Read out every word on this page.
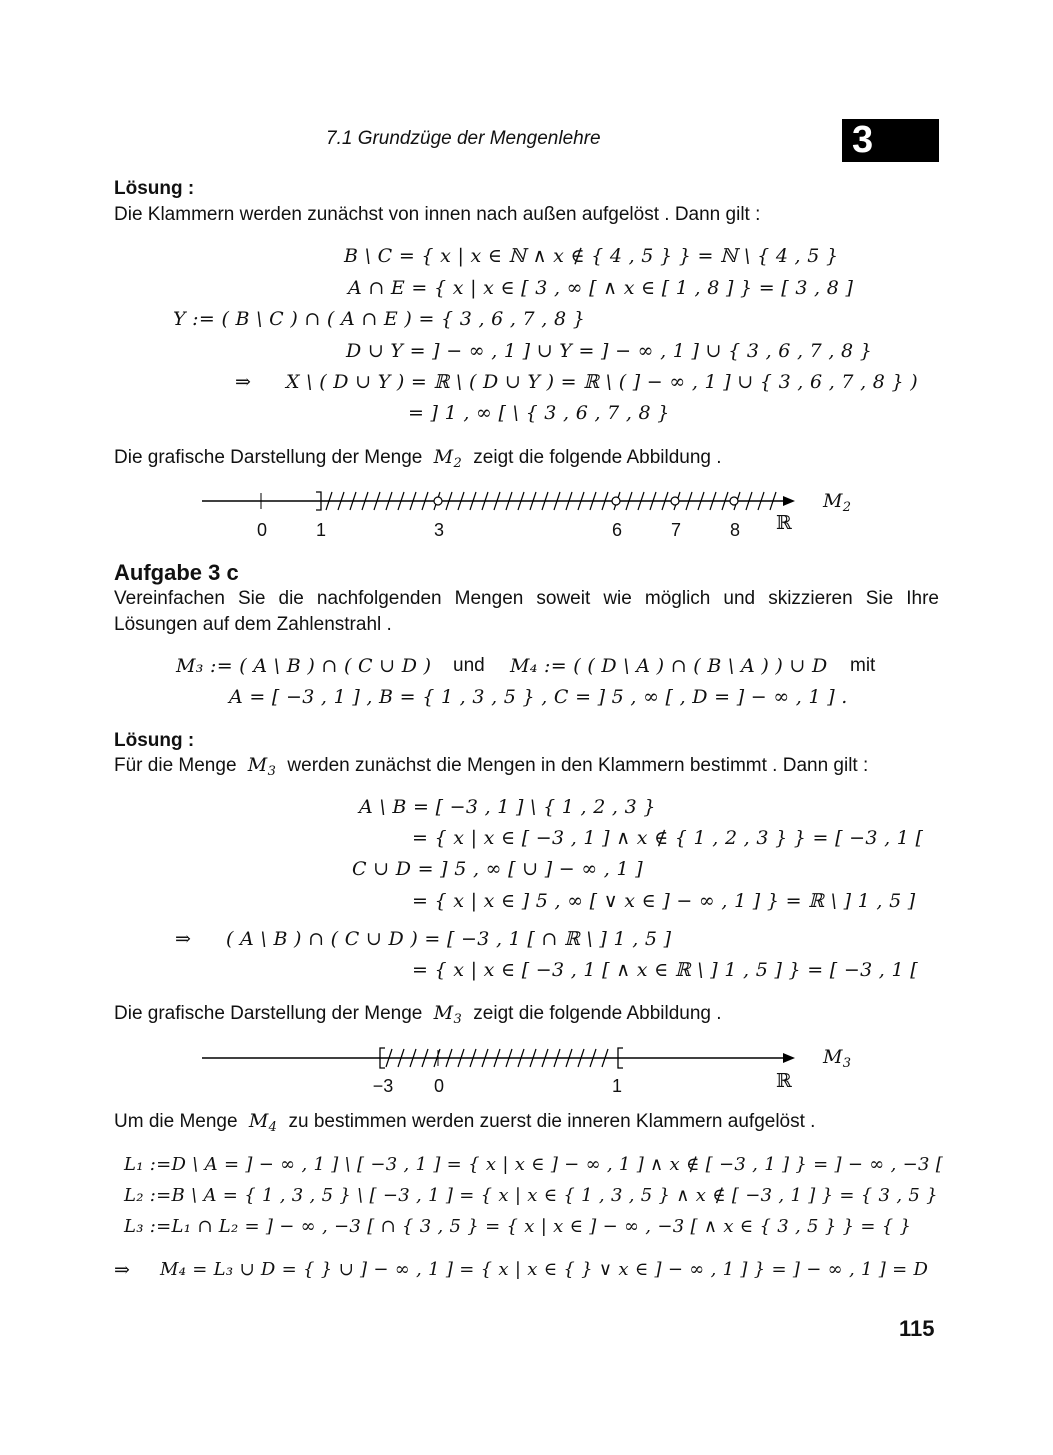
7.1 Grundzüge der Mengenlehre	3
Lösung :
Die Klammern werden zunächst von innen nach außen aufgelöst . Dann gilt :
B \ C = { x | x ∈ ℕ ∧ x ∉ { 4 , 5 } } = ℕ \ { 4 , 5 }
A ∩ E = { x | x ∈ [ 3 , ∞ [ ∧ x ∈ [ 1 , 8 ] } = [ 3 , 8 ]
Y := ( B \ C ) ∩ ( A ∩ E ) = { 3 , 6 , 7 , 8 }
D ∪ Y = ] − ∞ , 1 ] ∪ Y = ] − ∞ , 1 ] ∪ { 3 , 6 , 7 , 8 }
⇒ X \ ( D ∪ Y ) = ℝ \ ( D ∪ Y ) = ℝ \ ( ] − ∞ , 1 ] ∪ { 3 , 6 , 7 , 8 } )
= ] 1 , ∞ [ \ { 3 , 6 , 7 , 8 }
Die grafische Darstellung der Menge $M_2$ zeigt die folgende Abbildung .
0	1	3	6	7	8 ℝ
$M_2$
Aufgabe 3 c
Vereinfachen Sie die nachfolgenden Mengen soweit wie möglich und skizzieren Sie Ihre Lösungen auf dem Zahlenstrahl .
M₃ := ( A \ B ) ∩ ( C ∪ D ) und M₄ := ( ( D \ A ) ∩ ( B \ A ) ) ∪ D mit
A = [ −3 , 1 ] , B = { 1 , 3 , 5 } , C = ] 5 , ∞ [ , D = ] − ∞ , 1 ] .
Lösung :
Für die Menge $M_3$ werden zunächst die Mengen in den Klammern bestimmt . Dann gilt :
A \ B = [ −3 , 1 ] \ { 1 , 2 , 3 }
= { x | x ∈ [ −3 , 1 ] ∧ x ∉ { 1 , 2 , 3 } } = [ −3 , 1 [
C ∪ D = ] 5 , ∞ [ ∪ ] − ∞ , 1 ]
= { x | x ∈ ] 5 , ∞ [ ∨ x ∈ ] − ∞ , 1 ] } = ℝ \ ] 1 , 5 ]
⇒ ( A \ B ) ∩ ( C ∪ D ) = [ −3 , 1 [ ∩ ℝ \ ] 1 , 5 ]
= { x | x ∈ [ −3 , 1 [ ∧ x ∈ ℝ \ ] 1 , 5 ] } = [ −3 , 1 [
Die grafische Darstellung der Menge $M_3$ zeigt die folgende Abbildung .
−3 0	1	ℝ
$M_3$
Um die Menge $M_4$ zu bestimmen werden zuerst die inneren Klammern aufgelöst .
L₁ :=D \ A = ] − ∞ , 1 ] \ [ −3 , 1 ] = { x | x ∈ ] − ∞ , 1 ] ∧ x ∉ [ −3 , 1 ] } = ] − ∞ , −3 [
L₂ :=B \ A = { 1 , 3 , 5 } \ [ −3 , 1 ] = { x | x ∈ { 1 , 3 , 5 } ∧ x ∉ [ −3 , 1 ] } = { 3 , 5 }
L₃ :=L₁ ∩ L₂ = ] − ∞ , −3 [ ∩ { 3 , 5 } = { x | x ∈ ] − ∞ , −3 [ ∧ x ∈ { 3 , 5 } } = { }
⇒ M₄ = L₃ ∪ D = { } ∪ ] − ∞ , 1 ] = { x | x ∈ { } ∨ x ∈ ] − ∞ , 1 ] } = ] − ∞ , 1 ] = D
115
